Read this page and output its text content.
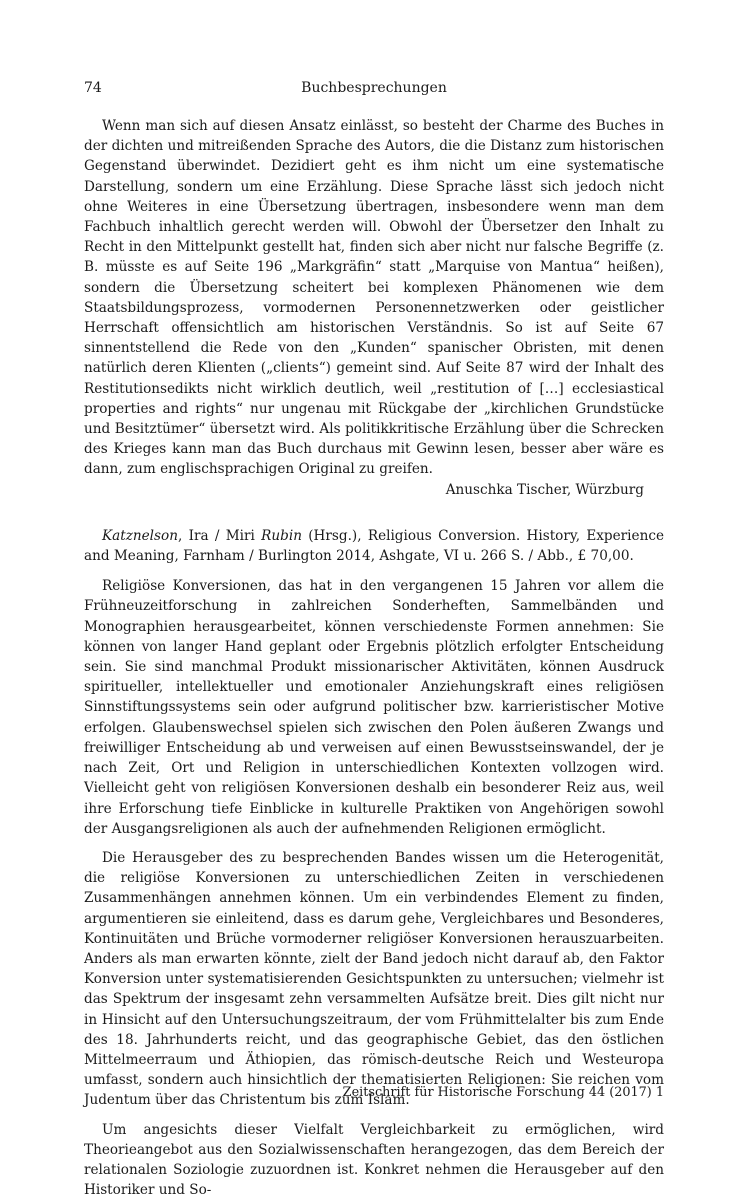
74	Buchbesprechungen

Wenn man sich auf diesen Ansatz einlässt, so besteht der Charme des Buches in der dichten und mitreißenden Sprache des Autors, die die Distanz zum historischen Gegenstand überwindet. Dezidiert geht es ihm nicht um eine systematische Darstellung, sondern um eine Erzählung. Diese Sprache lässt sich jedoch nicht ohne Weiteres in eine Übersetzung übertragen, insbesondere wenn man dem Fachbuch inhaltlich gerecht werden will. Obwohl der Übersetzer den Inhalt zu Recht in den Mittelpunkt gestellt hat, finden sich aber nicht nur falsche Begriffe (z. B. müsste es auf Seite 196 „Markgräfin“ statt „Marquise von Mantua“ heißen), sondern die Übersetzung scheitert bei komplexen Phänomenen wie dem Staatsbildungsprozess, vormodernen Personennetzwerken oder geistlicher Herrschaft offensichtlich am historischen Verständnis. So ist auf Seite 67 sinnentstellend die Rede von den „Kunden“ spanischer Obristen, mit denen natürlich deren Klienten („clients“) gemeint sind. Auf Seite 87 wird der Inhalt des Restitutionsedikts nicht wirklich deutlich, weil „restitution of […] ecclesiastical properties and rights“ nur ungenau mit Rückgabe der „kirchlichen Grundstücke und Besitztümer“ übersetzt wird. Als politikkritische Erzählung über die Schrecken des Krieges kann man das Buch durchaus mit Gewinn lesen, besser aber wäre es dann, zum englischsprachigen Original zu greifen.

Anuschka Tischer, Würzburg

Katznelson, Ira / Miri Rubin (Hrsg.), Religious Conversion. History, Experience and Meaning, Farnham / Burlington 2014, Ashgate, VI u. 266 S. / Abb., £ 70,00.

Religiöse Konversionen, das hat in den vergangenen 15 Jahren vor allem die Frühneuzeitforschung in zahlreichen Sonderheften, Sammelbänden und Monographien herausgearbeitet, können verschiedenste Formen annehmen: Sie können von langer Hand geplant oder Ergebnis plötzlich erfolgter Entscheidung sein. Sie sind manchmal Produkt missionarischer Aktivitäten, können Ausdruck spiritueller, intellektueller und emotionaler Anziehungskraft eines religiösen Sinnstiftungssystems sein oder aufgrund politischer bzw. karrieristischer Motive erfolgen. Glaubenswechsel spielen sich zwischen den Polen äußeren Zwangs und freiwilliger Entscheidung ab und verweisen auf einen Bewusstseinswandel, der je nach Zeit, Ort und Religion in unterschiedlichen Kontexten vollzogen wird. Vielleicht geht von religiösen Konversionen deshalb ein besonderer Reiz aus, weil ihre Erforschung tiefe Einblicke in kulturelle Praktiken von Angehörigen sowohl der Ausgangsreligionen als auch der aufnehmenden Religionen ermöglicht.

Die Herausgeber des zu besprechenden Bandes wissen um die Heterogenität, die religiöse Konversionen zu unterschiedlichen Zeiten in verschiedenen Zusammenhängen annehmen können. Um ein verbindendes Element zu finden, argumentieren sie einleitend, dass es darum gehe, Vergleichbares und Besonderes, Kontinuitäten und Brüche vormoderner religiöser Konversionen herauszuarbeiten. Anders als man erwarten könnte, zielt der Band jedoch nicht darauf ab, den Faktor Konversion unter systematisierenden Gesichtspunkten zu untersuchen; vielmehr ist das Spektrum der insgesamt zehn versammelten Aufsätze breit. Dies gilt nicht nur in Hinsicht auf den Untersuchungszeitraum, der vom Frühmittelalter bis zum Ende des 18. Jahrhunderts reicht, und das geographische Gebiet, das den östlichen Mittelmeerraum und Äthiopien, das römisch-deutsche Reich und Westeuropa umfasst, sondern auch hinsichtlich der thematisierten Religionen: Sie reichen vom Judentum über das Christentum bis zum Islam.

Um angesichts dieser Vielfalt Vergleichbarkeit zu ermöglichen, wird Theorieangebot aus den Sozialwissenschaften herangezogen, das dem Bereich der relationalen Soziologie zuzuordnen ist. Konkret nehmen die Herausgeber auf den Historiker und So-

Zeitschrift für Historische Forschung 44 (2017) 1
